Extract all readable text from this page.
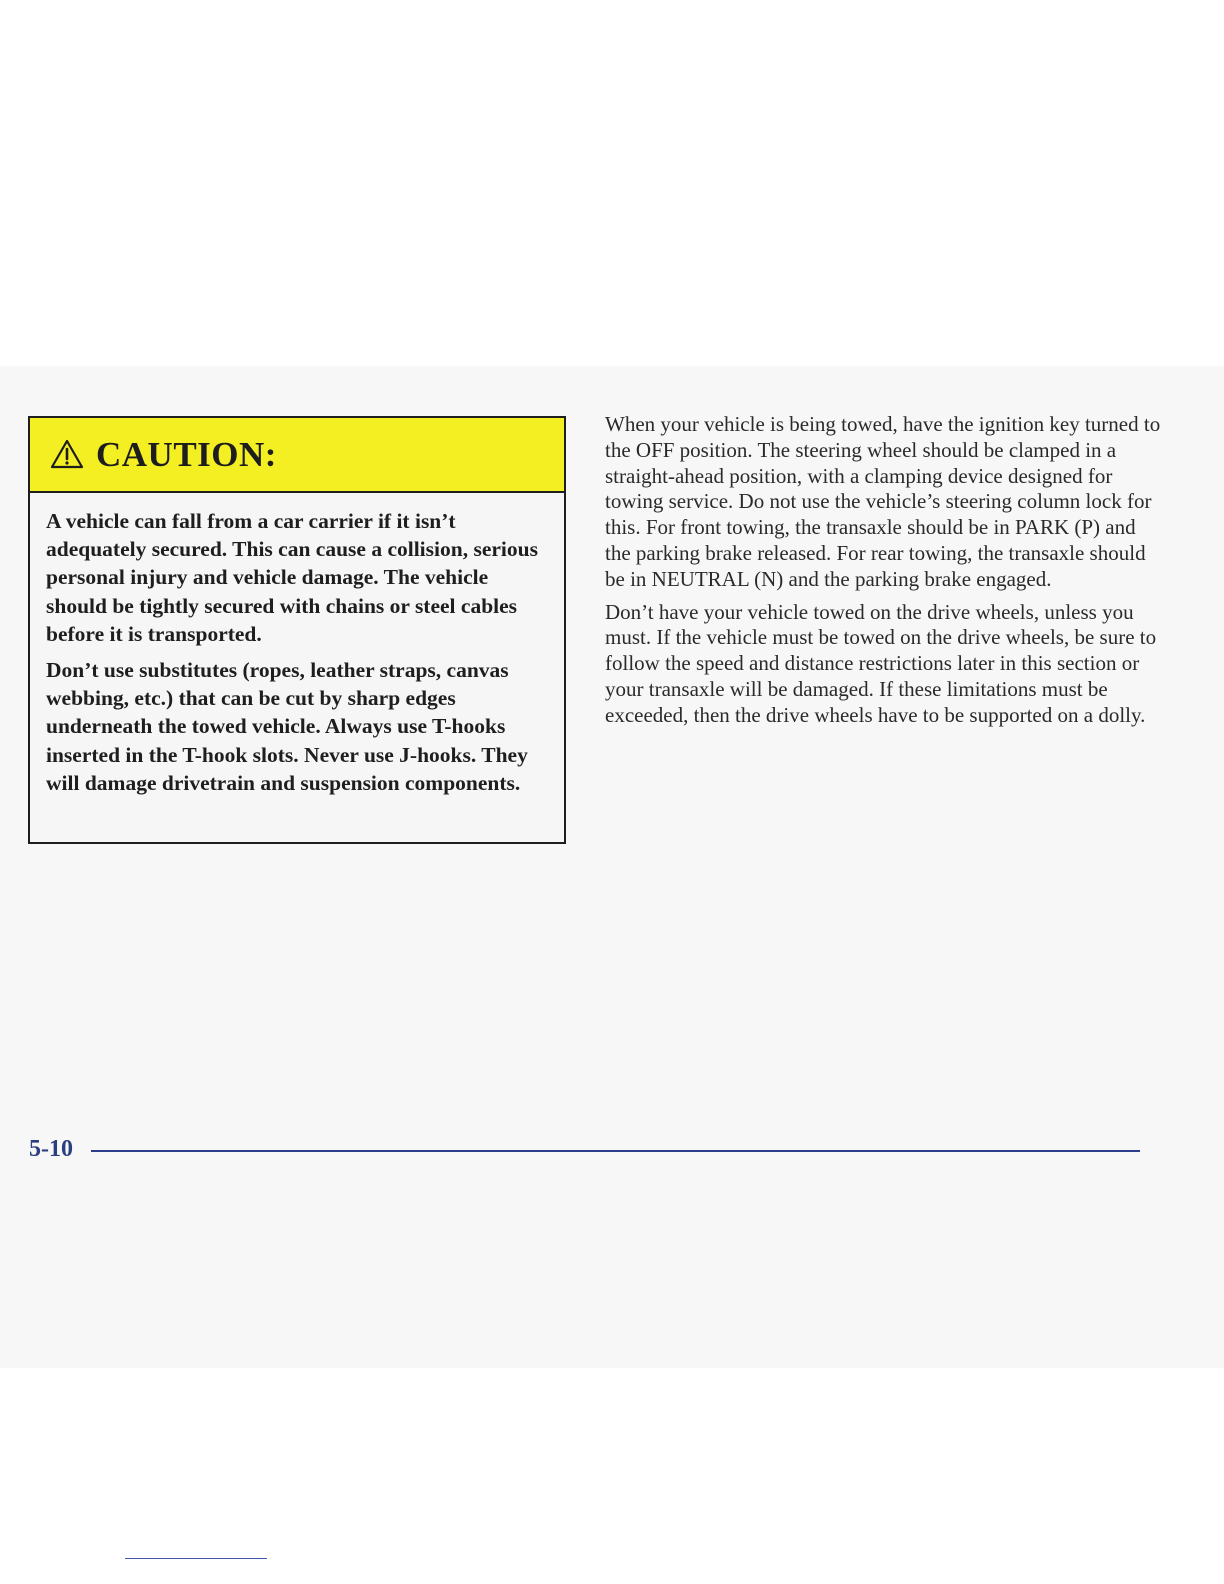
CAUTION:

A vehicle can fall from a car carrier if it isn’t adequately secured. This can cause a collision, serious personal injury and vehicle damage. The vehicle should be tightly secured with chains or steel cables before it is transported.

Don’t use substitutes (ropes, leather straps, canvas webbing, etc.) that can be cut by sharp edges underneath the towed vehicle. Always use T-hooks inserted in the T-hook slots. Never use J-hooks. They will damage drivetrain and suspension components.

When your vehicle is being towed, have the ignition key turned to the OFF position. The steering wheel should be clamped in a straight-ahead position, with a clamping device designed for towing service. Do not use the vehicle’s steering column lock for this. For front towing, the transaxle should be in PARK (P) and the parking brake released. For rear towing, the transaxle should be in NEUTRAL (N) and the parking brake engaged.

Don’t have your vehicle towed on the drive wheels, unless you must. If the vehicle must be towed on the drive wheels, be sure to follow the speed and distance restrictions later in this section or your transaxle will be damaged. If these limitations must be exceeded, then the drive wheels have to be supported on a dolly.

5-10
